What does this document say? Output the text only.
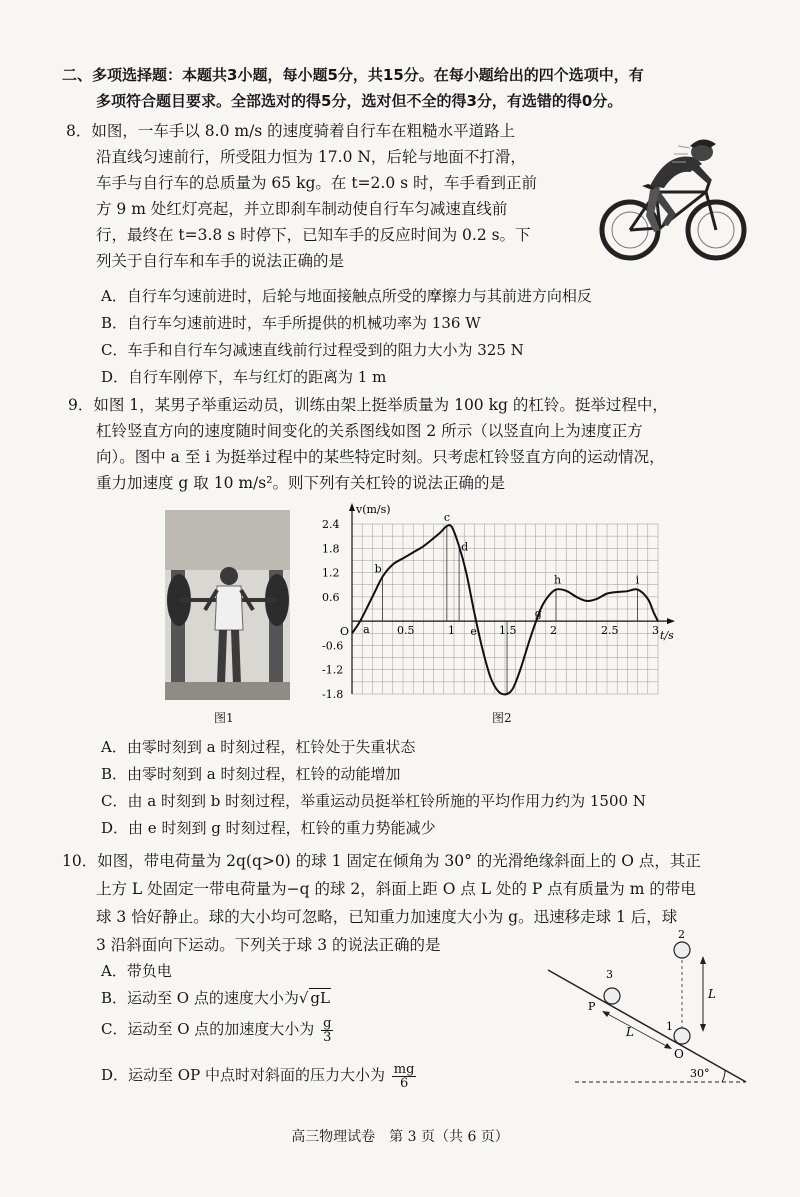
二、多项选择题：本题共3小题，每小题5分，共15分。在每小题给出的四个选项中，有
多项符合题目要求。全部选对的得5分，选对但不全的得3分，有选错的得0分。
8．如图，一车手以 8.0 m/s 的速度骑着自行车在粗糙水平道路上
沿直线匀速前行，所受阻力恒为 17.0 N，后轮与地面不打滑，
车手与自行车的总质量为 65 kg。在 t=2.0 s 时，车手看到正前
方 9 m 处红灯亮起，并立即刹车制动使自行车匀减速直线前
行，最终在 t=3.8 s 时停下，已知车手的反应时间为 0.2 s。下
列关于自行车和车手的说法正确的是
A．自行车匀速前进时，后轮与地面接触点所受的摩擦力与其前进方向相反
B．自行车匀速前进时，车手所提供的机械功率为 136 W
C．车手和自行车匀减速直线前行过程受到的阻力大小为 325 N
D．自行车刚停下，车与红灯的距离为 1 m
9．如图 1，某男子举重运动员，训练由架上挺举质量为 100 kg 的杠铃。挺举过程中，
杠铃竖直方向的速度随时间变化的关系图线如图 2 所示（以竖直向上为速度正方
向）。图中 a 至 i 为挺举过程中的某些特定时刻。只考虑杠铃竖直方向的运动情况，
重力加速度 g 取 10 m/s²。则下列有关杠铃的说法正确的是
图1
v(m/s)
t/s
O
2.4
1.8
1.2
0.6
-0.6
-1.2
-1.8
0.5	1	1.5	2	2.5	3
a
b
c
d
e
g
h	i
图2
A．由零时刻到 a 时刻过程，杠铃处于失重状态
B．由零时刻到 a 时刻过程，杠铃的动能增加
C．由 a 时刻到 b 时刻过程，举重运动员挺举杠铃所施的平均作用力约为 1500 N
D．由 e 时刻到 g 时刻过程，杠铃的重力势能减少
10．如图，带电荷量为 2q(q>0) 的球 1 固定在倾角为 30° 的光滑绝缘斜面上的 O 点，其正
上方 L 处固定一带电荷量为−q 的球 2，斜面上距 O 点 L 处的 P 点有质量为 m 的带电
球 3 恰好静止。球的大小均可忽略，已知重力加速度大小为 g。迅速移走球 1 后，球
3 沿斜面向下运动。下列关于球 3 的说法正确的是
A．带负电
B．运动至 O 点的速度大小为√ gL
C．运动至 O 点的加速度大小为 $\frac{g}{3}$
D．运动至 OP 中点时对斜面的压力大小为 $\frac{mg}{6}$
2
3
1
P
O
L
L
30°
高三物理试卷　第 3 页（共 6 页）
